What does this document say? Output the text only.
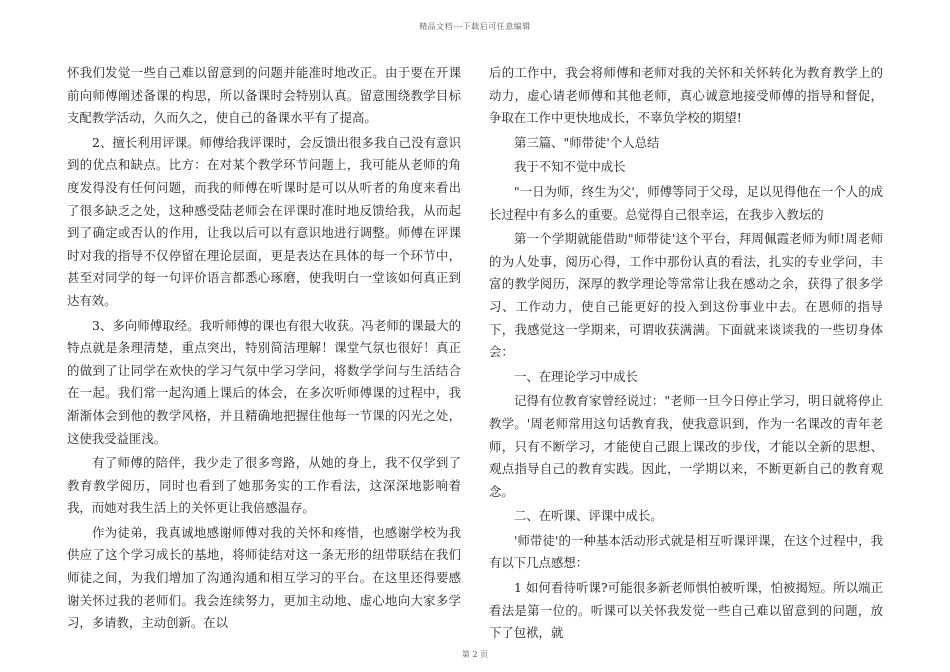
精品文档---下载后可任意编辑

怀我们发觉一些自己难以留意到的问题并能准时地改正。由于要在开课前向师傅阐述备课的构思，所以备课时会特别认真。留意围绕教学目标支配教学活动，久而久之，使自己的备课水平有了提高。

2、擅长利用评课。师傅给我评课时，会反馈出很多我自己没有意识到的优点和缺点。比方：在对某个教学环节问题上，我可能从老师的角度发得没有任何问题，而我的师傅在听课时是可以从听者的角度来看出了很多缺乏之处，这种感受陆老师会在评课时准时地反馈给我，从而起到了确定或否认的作用，让我以后可以有意识地进行调整。师傅在评课时对我的指导不仅停留在理论层面，更是表达在具体的每一个环节中，甚至对同学的每一句评价语言都悉心琢磨，使我明白一堂该如何真正到达有效。

3、多向师傅取经。我听师傅的课也有很大收获。冯老师的课最大的特点就是条理清楚，重点突出，特别简洁理解！课堂气氛也很好！真正的做到了让同学在欢快的学习气氛中学习学问，将数学学问与生活结合在一起。我们常一起沟通上课后的体会，在多次听师傅课的过程中，我渐渐体会到他的教学风格，并且精确地把握住他每一节课的闪光之处，这使我受益匪浅。

有了师傅的陪伴，我少走了很多弯路，从她的身上，我不仅学到了教育教学阅历，同时也看到了她那务实的工作看法，这深深地影响着我，而她对我生活上的关怀更让我倍感温存。

作为徒弟，我真诚地感谢师傅对我的关怀和疼惜，也感谢学校为我供应了这个学习成长的基地，将师徒结对这一条无形的纽带联结在我们师徒之间，为我们增加了沟通沟通和相互学习的平台。在这里还得要感谢关怀过我的老师们。我会连续努力，更加主动地、虚心地向大家多学习，多请教，主动创新。在以

后的工作中，我会将师傅和老师对我的关怀和关怀转化为教育教学上的动力，虚心请老师傅和其他老师，真心诚意地接受师傅的指导和督促，争取在工作中更快地成长，不辜负学校的期望!

第三篇、"师带徒'个人总结

我于不知不觉中成长

"一日为师，终生为父'，师傅等同于父母，足以见得他在一个人的成长过程中有多么的重要。总觉得自己很幸运，在我步入教坛的

第一个学期就能借助"师带徒'这个平台，拜周佩霞老师为师!周老师的为人处事，阅历心得，工作中那份认真的看法，扎实的专业学问，丰富的教学阅历，深厚的教学理论等常常让我在感动之余，获得了很多学习、工作动力，使自己能更好的投入到这份事业中去。在恩师的指导下，我感觉这一学期来，可谓收获满满。下面就来谈谈我的一些切身体会：

一、在理论学习中成长

记得有位教育家曾经说过："老师一旦今日停止学习，明日就将停止教学。'周老师常用这句话教育我，使我意识到，作为一名课改的青年老师，只有不断学习，才能使自己跟上课改的步伐，才能以全新的思想、观点指导自己的教育实践。因此，一学期以来，不断更新自己的教育观念。

二、在听课、评课中成长。

'师带徒'的一种基本活动形式就是相互听课评课，在这个过程中，我有以下几点感想：

1 如何看待听课?可能很多新老师惧怕被听课，怕被揭短。所以端正看法是第一位的。听课可以关怀我发觉一些自己难以留意到的问题，放下了包袱，就

第 2 页
